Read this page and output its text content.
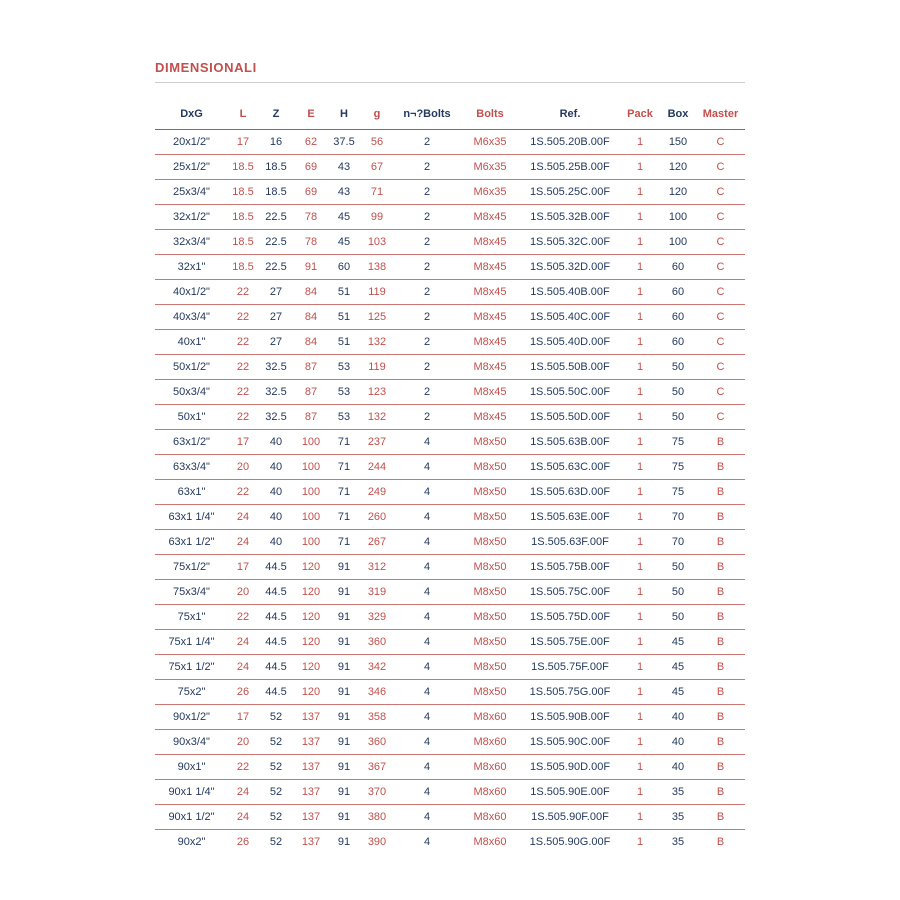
DIMENSIONALI
DxG	L	Z	E	H	g	n¬?Bolts	Bolts	Ref.	Pack	Box	Master
20x1/2"	17	16	62	37.5	56	2	M6x35	1S.505.20B.00F	1	150	C
25x1/2"	18.5	18.5	69	43	67	2	M6x35	1S.505.25B.00F	1	120	C
25x3/4"	18.5	18.5	69	43	71	2	M6x35	1S.505.25C.00F	1	120	C
32x1/2"	18.5	22.5	78	45	99	2	M8x45	1S.505.32B.00F	1	100	C
32x3/4"	18.5	22.5	78	45	103	2	M8x45	1S.505.32C.00F	1	100	C
32x1"	18.5	22.5	91	60	138	2	M8x45	1S.505.32D.00F	1	60	C
40x1/2"	22	27	84	51	119	2	M8x45	1S.505.40B.00F	1	60	C
40x3/4"	22	27	84	51	125	2	M8x45	1S.505.40C.00F	1	60	C
40x1"	22	27	84	51	132	2	M8x45	1S.505.40D.00F	1	60	C
50x1/2"	22	32.5	87	53	119	2	M8x45	1S.505.50B.00F	1	50	C
50x3/4"	22	32.5	87	53	123	2	M8x45	1S.505.50C.00F	1	50	C
50x1"	22	32.5	87	53	132	2	M8x45	1S.505.50D.00F	1	50	C
63x1/2"	17	40	100	71	237	4	M8x50	1S.505.63B.00F	1	75	B
63x3/4"	20	40	100	71	244	4	M8x50	1S.505.63C.00F	1	75	B
63x1"	22	40	100	71	249	4	M8x50	1S.505.63D.00F	1	75	B
63x1 1/4"	24	40	100	71	260	4	M8x50	1S.505.63E.00F	1	70	B
63x1 1/2"	24	40	100	71	267	4	M8x50	1S.505.63F.00F	1	70	B
75x1/2"	17	44.5	120	91	312	4	M8x50	1S.505.75B.00F	1	50	B
75x3/4"	20	44.5	120	91	319	4	M8x50	1S.505.75C.00F	1	50	B
75x1"	22	44.5	120	91	329	4	M8x50	1S.505.75D.00F	1	50	B
75x1 1/4"	24	44.5	120	91	360	4	M8x50	1S.505.75E.00F	1	45	B
75x1 1/2"	24	44.5	120	91	342	4	M8x50	1S.505.75F.00F	1	45	B
75x2"	26	44.5	120	91	346	4	M8x50	1S.505.75G.00F	1	45	B
90x1/2"	17	52	137	91	358	4	M8x60	1S.505.90B.00F	1	40	B
90x3/4"	20	52	137	91	360	4	M8x60	1S.505.90C.00F	1	40	B
90x1"	22	52	137	91	367	4	M8x60	1S.505.90D.00F	1	40	B
90x1 1/4"	24	52	137	91	370	4	M8x60	1S.505.90E.00F	1	35	B
90x1 1/2"	24	52	137	91	380	4	M8x60	1S.505.90F.00F	1	35	B
90x2"	26	52	137	91	390	4	M8x60	1S.505.90G.00F	1	35	B
